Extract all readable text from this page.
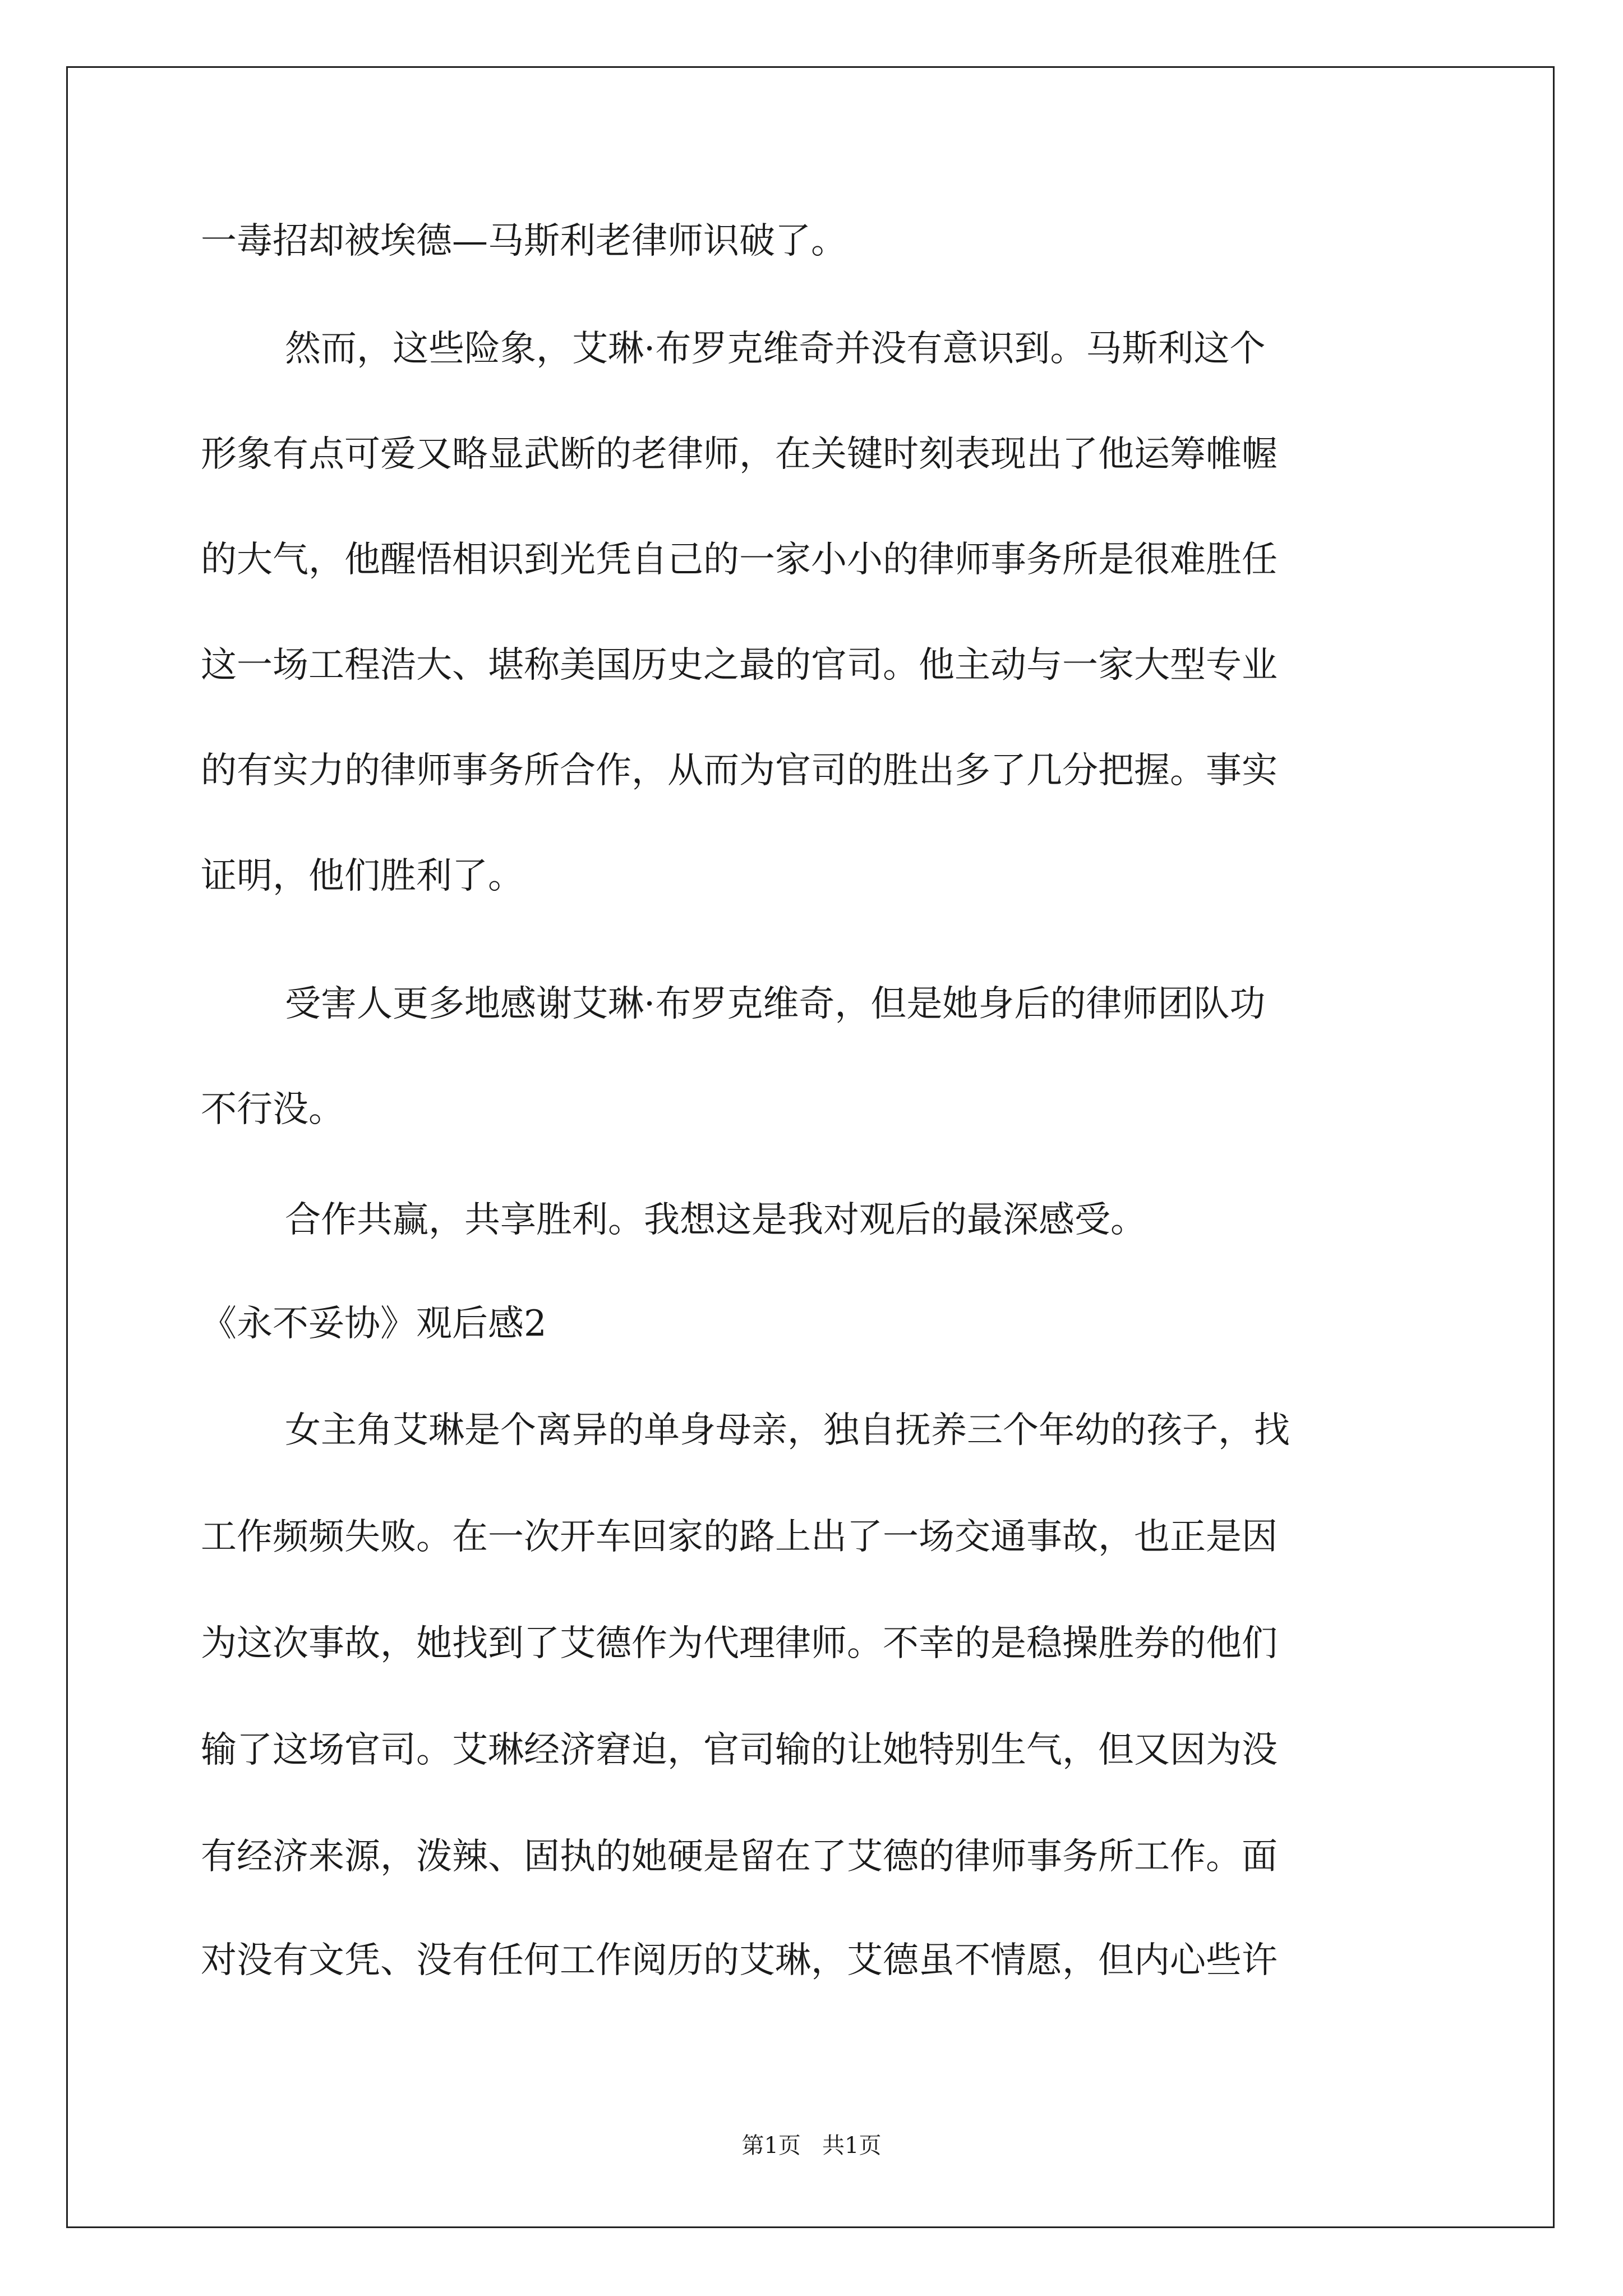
一毒招却被埃德—马斯利老律师识破了。
然而，这些险象，艾琳·布罗克维奇并没有意识到。马斯利这个
形象有点可爱又略显武断的老律师，在关键时刻表现出了他运筹帷幄
的大气，他醒悟相识到光凭自己的一家小小的律师事务所是很难胜任
这一场工程浩大、堪称美国历史之最的官司。他主动与一家大型专业
的有实力的律师事务所合作，从而为官司的胜出多了几分把握。事实
证明，他们胜利了。
受害人更多地感谢艾琳·布罗克维奇，但是她身后的律师团队功
不行没。
合作共赢，共享胜利。我想这是我对观后的最深感受。
《永不妥协》观后感2
女主角艾琳是个离异的单身母亲，独自抚养三个年幼的孩子，找
工作频频失败。在一次开车回家的路上出了一场交通事故，也正是因
为这次事故，她找到了艾德作为代理律师。不幸的是稳操胜券的他们
输了这场官司。艾琳经济窘迫，官司输的让她特别生气，但又因为没
有经济来源，泼辣、固执的她硬是留在了艾德的律师事务所工作。面
对没有文凭、没有任何工作阅历的艾琳，艾德虽不情愿，但内心些许
第1页   共1页
